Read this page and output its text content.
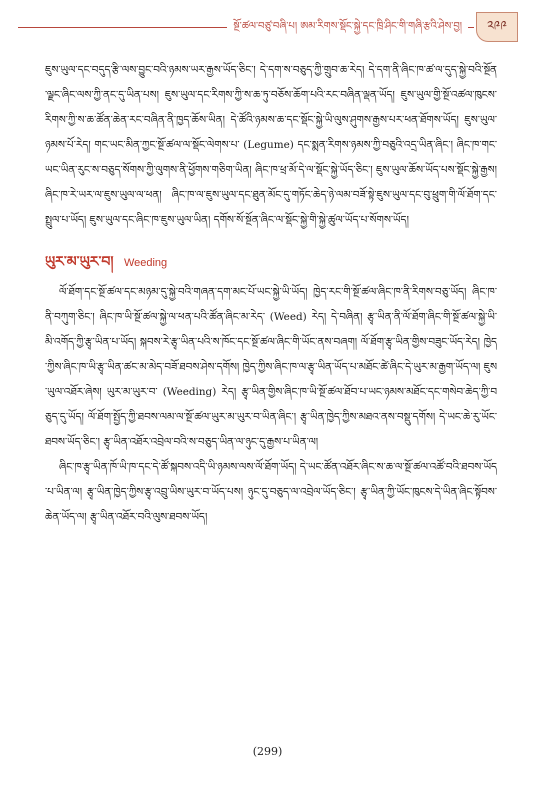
སྔོ་ཚལ་བཙུ་བཞི་པ། ཨམ་རིགས་སྡོང་སྐྱེ་དང་ཁྲི་ཤིང་གི་གཞི་རྩའི་ཤེས་བྱ།	༢༩༩

ཇུས་ཡུལ་དང་བདུད་རྩི་ལས་བྱུང་བའི་ཉམས་ཡར་རྒྱས་ཡོད་ཅིང་། དེ་དག་ས་བཅུད་ཀྱི་གྲུབ་ཆ་རེད། དེ་དག་ནི་ཞིང་ཁ་ཚ་ལ་དུད་སྐྱེ་བའི་སྔོན་ལྗང་ཞིང་ལས་ཀྱི་ནང་དུ་ཡིན་པས། ཇུས་ཡུལ་དང་རིགས་ཀྱི་ས་ཆ་ཏུ་བཅོས་ཆོག་པའི་རང་བཞིན་ལྡན་ཡོད། ཇུས་ཡུལ་གྱི་སྔོ་འཚལ་ཁུངས་རིགས་ཀྱི་ས་ཆ་ཚོན་ཆེན་རང་བཞིན་ནི་ཁྱད་ཆོས་ཡིན། དེ་ཚོའི་ཉམས་ཆ་དང་སྡོང་སྐྱེ་ཡི་ལུས་ཤུགས་རྒྱས་པར་ཕན་ཐོགས་ཡོད། ཇུས་ཡུལ་ཉམས་པོ་རེད། གང་ཡང་མིན་ཀྱང་སྔོ་ཚལ་ལ་སྡོང་ལེགས་པ་ (Legume) དང་སྨན་རིགས་ཉམས་ཀྱི་བཅུའི་འདྲ་ཡིན་ཞིང་། ཞིང་ཁ་གང་ཡང་ཡིན་རུང་ས་བཅུད་སོགས་ཀྱི་ལུགས་ནི་ཕྱོགས་གཅིག་ཡིན། ཞིང་ཁ་ཕྲ་མོ་དེ་ལ་སྡོང་སྐྱེ་ཡོད་ཅིང་། ཇུས་ཡུལ་ཆོས་ཡོད་པས་སྡོང་སྐྱེ་རྒྱས། ཞིང་ཁ་རེ་ཡར་ལ་ཇུས་ཡུལ་ལ་ཕན། ཞིང་ཁ་ལ་ཇུས་ཡུལ་དང་ཐུན་མོང་དུ་གཏོང་ཆེད་ཉེ་ལམ་བཟོ་སྟེ་ཇུས་ཡུལ་དང་བུ་ཕྲུག་གི་ལོ་ཐོག་དང་སྤྲུལ་པ་ཡོད། ཇུས་ཡུལ་དང་ཞིང་ཁ་ཇུས་ཡུལ་ཡིན། དགོས་སོ་སྔོན་ཞིང་ལ་སྡོང་སྐྱེ་གི་སྐྱེ་ཚུལ་ཡོད་པ་སོགས་ཡོད།

ཡུར་མ་ཡུར་བ། Weeding

ལོ་ཐོག་དང་སྔོ་ཚལ་དང་མཉམ་དུ་སྐྱེ་བའི་གཞན་དག་མང་པོ་ཡང་སྐྱེ་ཡི་ཡོད། ཁྱེད་རང་གི་སྔོ་ཚལ་ཞིང་ཁ་ནི་རིགས་བཅུ་ཡོད། ཞིང་ཁ་ནི་བཀུག་ཅིང་། ཞིང་ཁ་ཡི་སྔོ་ཚལ་སྐྱེ་ལ་ཕན་པའི་ཚོན་ཞིང་མ་རེད་ (Weed) རེད། དེ་བཞིན། རྩྭ་ཡིན་ནི་ལོ་ཐོག་ཞིང་གི་སྔོ་ཚལ་སྐྱེ་ཡི་མི་འགོད་ཀྱི་རྩྭ་ཡིན་པ་ཡོད། སྐབས་རེ་རྩྭ་ཡིན་པའི་ས་ཁོང་དང་སྔོ་ཚལ་ཞིང་གི་ཡོང་ནས་བཞག། ལོ་ཐོག་རྩྭ་ཡིན་གྱིས་བཟུང་ཡོད་རེད། ཁྱེད་ཀྱིས་ཞིང་ཁ་ཡི་རྩྭ་ཡིན་ཚང་མ་མེད་བཟོ་ཐབས་ཤེས་དགོས། ཁྱེད་ཀྱིས་ཞིང་ཁ་ལ་རྩྭ་ཡིན་ཡོད་པ་མཐོང་ཚེ་ཞིང་དེ་ཡུར་མ་རྒྱག་ཡོད་ལ། ཇུས་ཡུལ་འཐོར་ཞེས། ཡུར་མ་ཡུར་བ་ (Weeding) རེད། རྩྭ་ཡིན་གྱིས་ཞིང་ཁ་ཡི་སྔོ་ཚལ་ཐོབ་པ་ཡང་ཉམས་མཐོང་དང་གསེབ་ཆེད་ཀྱི་བཅུད་དུ་ཡོད། ལོ་ཐོག་སྤྱོད་ཀྱི་ཐབས་ལམ་ལ་སྔོ་ཚལ་ཡུར་མ་ཡུར་བ་ཡིན་ཞིང་། རྩྭ་ཡིན་ཁྱེད་ཀྱིས་མཐའ་ནས་བསྡུ་དགོས། དེ་ཡང་ཆེ་རུ་ཡོང་ཐབས་ཡོད་ཅིང་། རྩྭ་ཡིན་འཐོར་འབྲེལ་བའི་ས་བཅུད་ཡིན་ལ་ཉུང་དུ་རྒྱས་པ་ཡིན་ལ།

ཞིང་ཁ་རྩྭ་ཡིན་ཁོ་ཡི་ཁ་དང་དེ་ཚོ་སྐབས་འདི་ཡི་ཉམས་ལས་ལོ་ཐོག་ཡོད། དེ་ཡང་ཚོན་འཐོར་ཞིང་ས་ཆ་ལ་སྔོ་ཚལ་འཚོ་བའི་ཐབས་ཡོད་པ་ཡིན་ལ། རྩྭ་ཡིན་ཁྱེད་ཀྱིས་རྩྭ་འབྲུ་ཡིས་ཡུར་བ་ཡོད་པས། ཉུང་དུ་བཅུད་ལ་འབྲེལ་ཡོད་ཅིང་། རྩྭ་ཡིན་ཀྱི་ཡོང་ཁུངས་དེ་ཡིན་ཞིང་སྟོབས་ཆེན་ཡོད་ལ། རྩྭ་ཡིན་འཐོར་བའི་ལུས་ཐབས་ཡོད།

(299)
